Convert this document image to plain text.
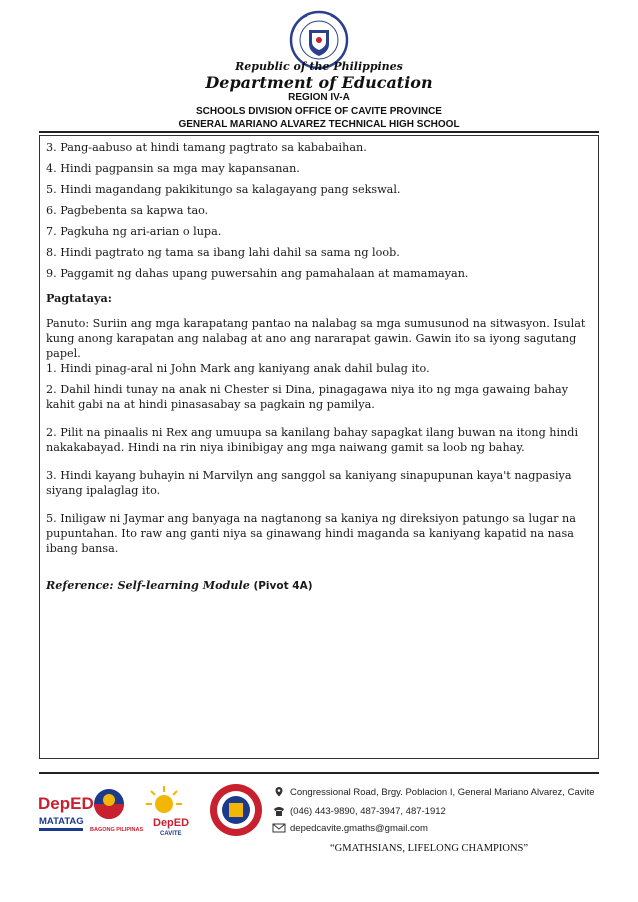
Republic of the Philippines
Department of Education
REGION IV-A
SCHOOLS DIVISION OFFICE OF CAVITE PROVINCE
GENERAL MARIANO ALVAREZ TECHNICAL HIGH SCHOOL
3. Pang-aabuso at hindi tamang pagtrato sa kababaihan.
4. Hindi pagpansin sa mga may kapansanan.
5. Hindi magandang pakikitungo sa kalagayang pang sekswal.
6. Pagbebenta sa kapwa tao.
7. Pagkuha ng ari-arian o lupa.
8. Hindi pagtrato ng tama sa ibang lahi dahil sa sama ng loob.
9. Paggamit ng dahas upang puwersahin ang pamahalaan at mamamayan.
Pagtataya:
Panuto: Suriin ang mga karapatang pantao na nalabag sa mga sumusunod na sitwasyon. Isulat kung anong karapatan ang nalabag at ano ang nararapat gawin. Gawin ito sa iyong sagutang papel.
1. Hindi pinag-aral ni John Mark ang kaniyang anak dahil bulag ito.
2. Dahil hindi tunay na anak ni Chester si Dina, pinagagawa niya ito ng mga gawaing bahay kahit gabi na at hindi pinasasabay sa pagkain ng pamilya.
2. Pilit na pinaalis ni Rex ang umuupa sa kanilang bahay sapagkat ilang buwan na itong hindi nakakabayad. Hindi na rin niya ibinibigay ang mga naiwang gamit sa loob ng bahay.
3. Hindi kayang buhayin ni Marvilyn ang sanggol sa kaniyang sinapupunan kaya't nagpasiya siyang ipalaglag ito.
5. Iniligaw ni Jaymar ang banyaga na nagtanong sa kaniya ng direksiyon patungo sa lugar na pupuntahan. Ito raw ang ganti niya sa ginawang hindi maganda sa kaniyang kapatid na nasa ibang bansa.
Reference: Self-learning Module (Pivot 4A)
DepED
MATATAG
BAGONG PILIPINAS
DepED
CAVITE
Congressional Road, Brgy. Poblacion I, General Mariano Alvarez, Cavite
(046) 443-9890, 487-3947, 487-1912
depedcavite.gmaths@gmail.com
“GMATHSIANS, LIFELONG CHAMPIONS”
